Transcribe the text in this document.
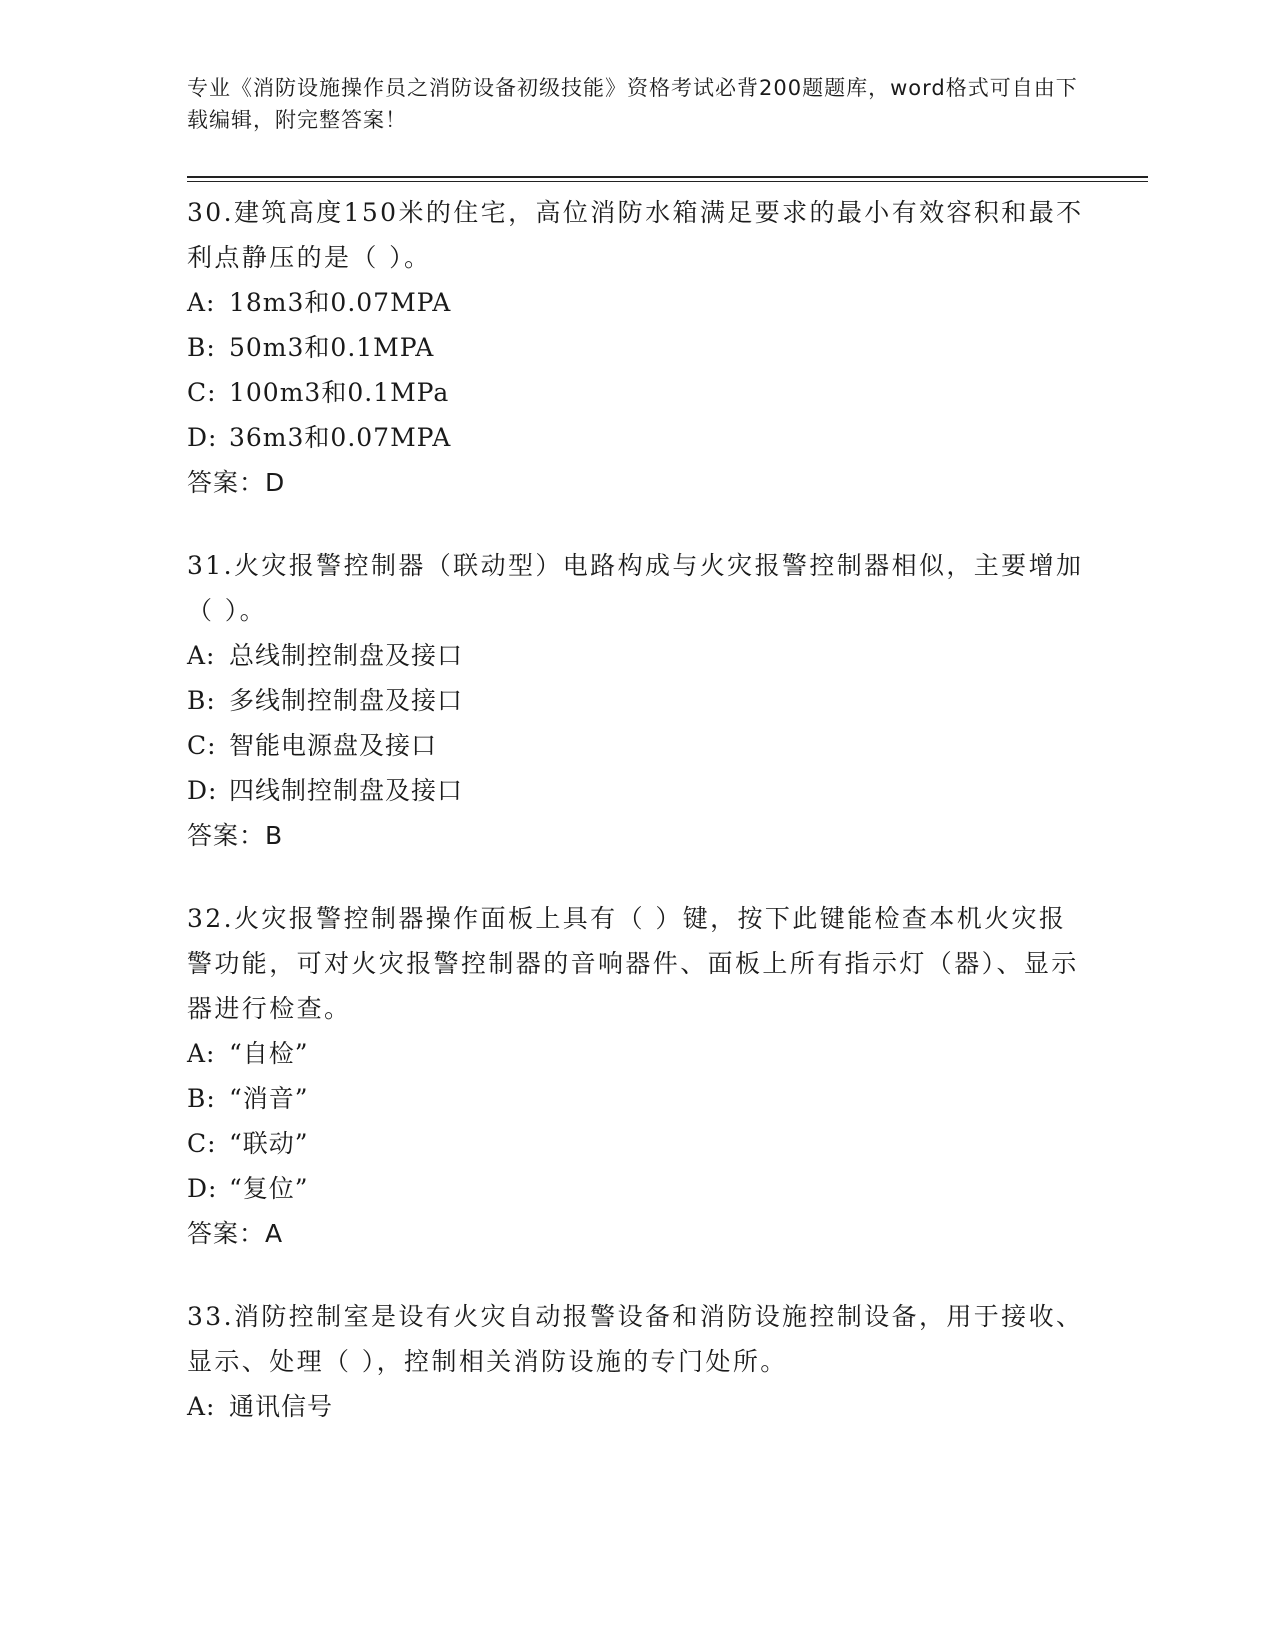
专业《消防设施操作员之消防设备初级技能》资格考试必背200题题库，word格式可自由下载编辑，附完整答案！

30.建筑高度150米的住宅，高位消防水箱满足要求的最小有效容积和最不利点静压的是（ ）。

A: 18m3和0.07MPA

B: 50m3和0.1MPA

C: 100m3和0.1MPa

D: 36m3和0.07MPA

答案：D

31.火灾报警控制器（联动型）电路构成与火灾报警控制器相似，主要增加（ ）。

A: 总线制控制盘及接口

B: 多线制控制盘及接口

C: 智能电源盘及接口

D: 四线制控制盘及接口

答案：B

32.火灾报警控制器操作面板上具有（ ）键，按下此键能检查本机火灾报警功能，可对火灾报警控制器的音响器件、面板上所有指示灯（器）、显示器进行检查。

A: “自检”

B: “消音”

C: “联动”

D: “复位”

答案：A

33.消防控制室是设有火灾自动报警设备和消防设施控制设备，用于接收、显示、处理（ ），控制相关消防设施的专门处所。

A: 通讯信号
